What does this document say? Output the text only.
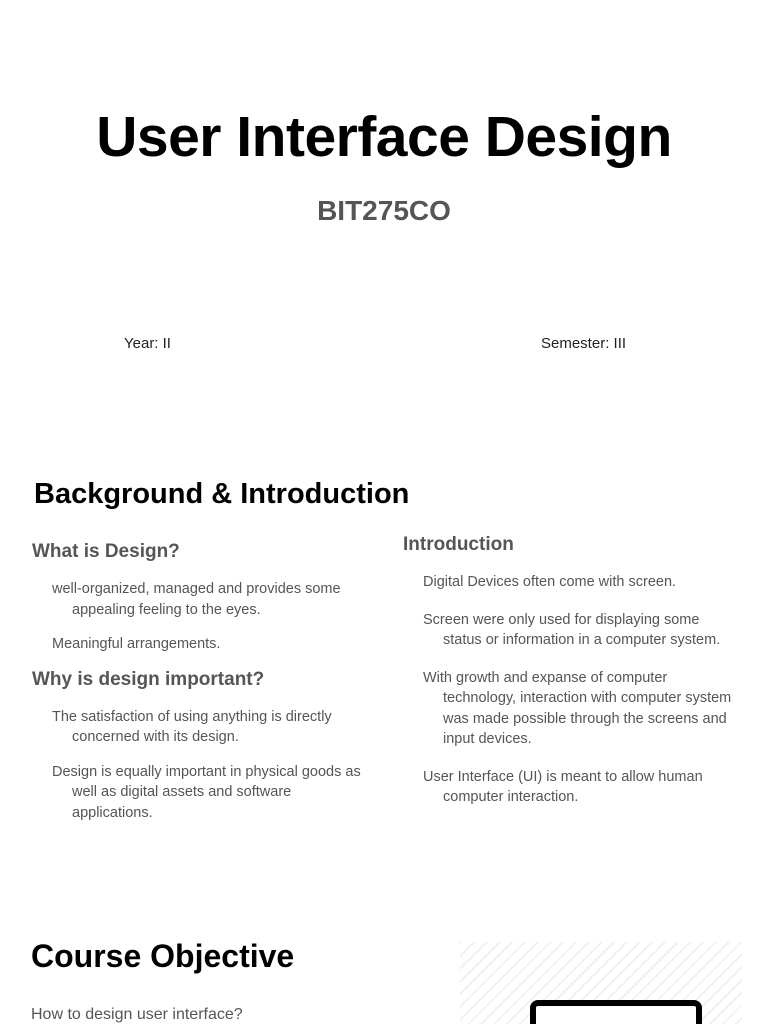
User Interface Design
BIT275CO
Year: II	Semester: III
Background & Introduction
What is Design?
well-organized, managed and provides some appealing feeling to the eyes.
Meaningful arrangements.
Why is design important?
The satisfaction of using anything is directly concerned with its design.
Design is equally important in physical goods as well as digital assets and software applications.
Introduction
Digital Devices often come with screen.
Screen were only used for displaying some status or information in a computer system.
With growth and expanse of computer technology, interaction with computer system was made possible through the screens and input devices.
User Interface (UI) is meant to allow human computer interaction.
Course Objective
How to design user interface?
